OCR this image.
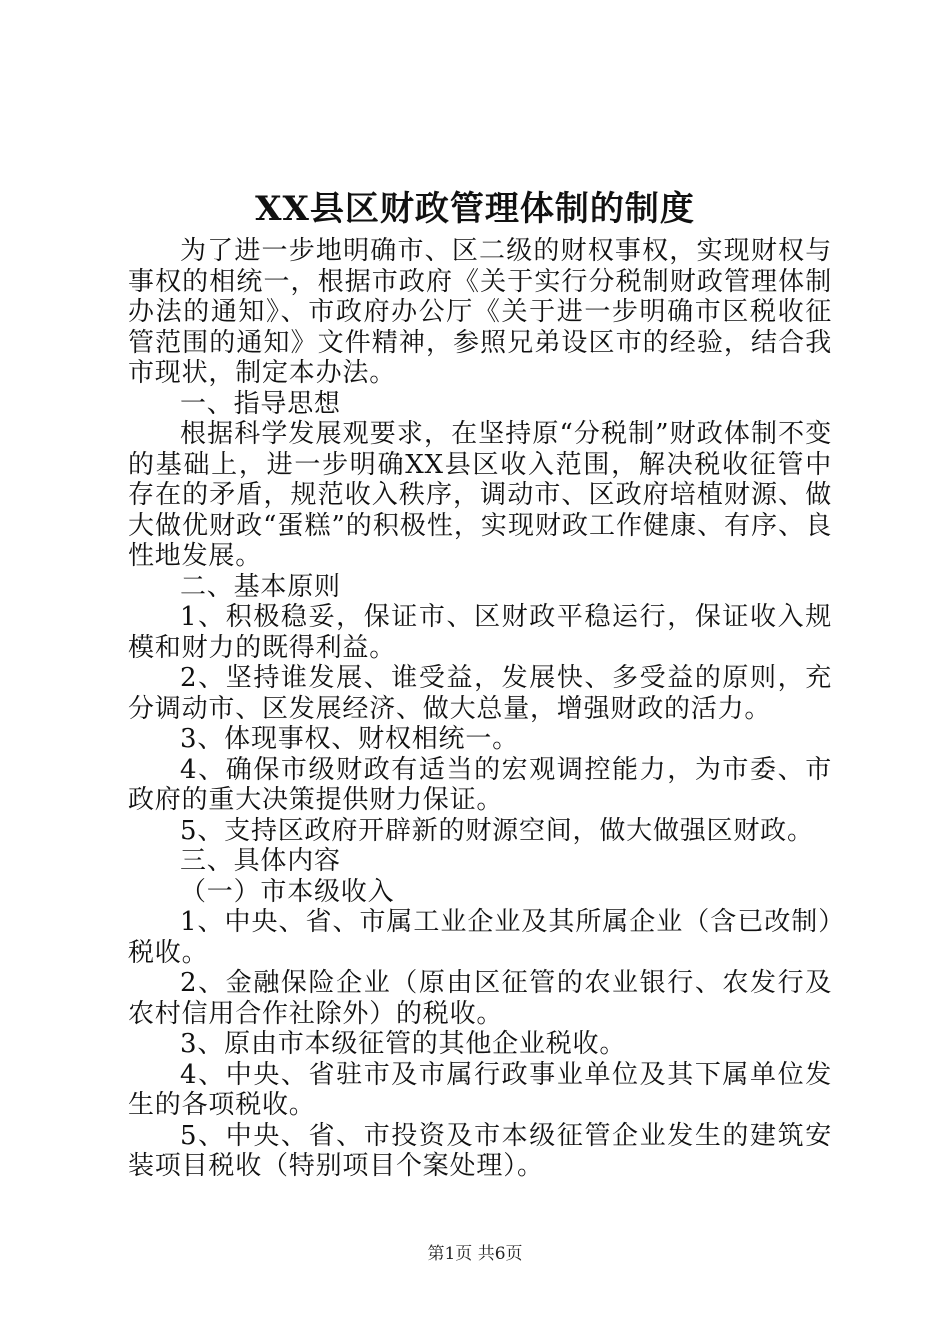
XX县区财政管理体制的制度

为了进一步地明确市、区二级的财权事权，实现财权与事权的相统一，根据市政府《关于实行分税制财政管理体制办法的通知》、市政府办公厅《关于进一步明确市区税收征管范围的通知》文件精神，参照兄弟设区市的经验，结合我市现状，制定本办法。

一、指导思想

根据科学发展观要求，在坚持原“分税制”财政体制不变的基础上，进一步明确XX县区收入范围，解决税收征管中存在的矛盾，规范收入秩序，调动市、区政府培植财源、做大做优财政“蛋糕”的积极性，实现财政工作健康、有序、良性地发展。

二、基本原则

1、积极稳妥，保证市、区财政平稳运行，保证收入规模和财力的既得利益。

2、坚持谁发展、谁受益，发展快、多受益的原则，充分调动市、区发展经济、做大总量，增强财政的活力。

3、体现事权、财权相统一。

4、确保市级财政有适当的宏观调控能力，为市委、市政府的重大决策提供财力保证。

5、支持区政府开辟新的财源空间，做大做强区财政。

三、具体内容

（一）市本级收入

1、中央、省、市属工业企业及其所属企业（含已改制）税收。

2、金融保险企业（原由区征管的农业银行、农发行及农村信用合作社除外）的税收。

3、原由市本级征管的其他企业税收。

4、中央、省驻市及市属行政事业单位及其下属单位发生的各项税收。

5、中央、省、市投资及市本级征管企业发生的建筑安装项目税收（特别项目个案处理）。

第1页 共6页
